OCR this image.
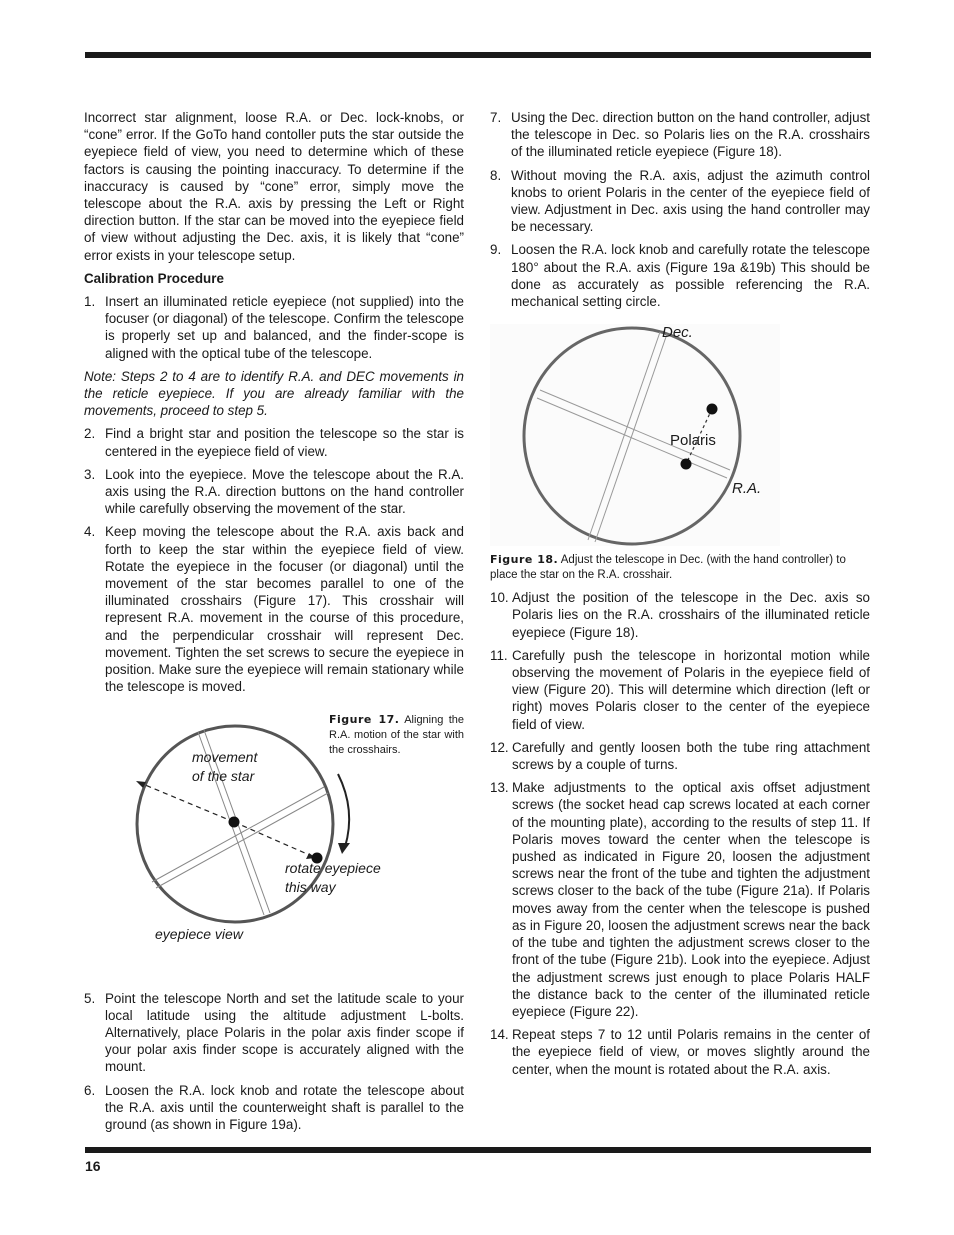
Incorrect star alignment, loose R.A. or Dec. lock-knobs, or “cone” error. If the GoTo hand contoller puts the star outside the eyepiece field of view, you need to determine which of these factors is causing the pointing inaccuracy. To determine if the inaccuracy is caused by “cone” error, simply move the telescope about the R.A. axis by pressing the Left or Right direction button. If the star can be moved into the eyepiece field of view without adjusting the Dec. axis, it is likely that “cone” error exists in your telescope setup.

Calibration Procedure

1. Insert an illuminated reticle eyepiece (not supplied) into the focuser (or diagonal) of the telescope. Confirm the telescope is properly set up and balanced, and the finder-scope is aligned with the optical tube of the telescope.

Note: Steps 2 to 4 are to identify R.A. and DEC movements in the reticle eyepiece. If you are already familiar with the movements, proceed to step 5.

2. Find a bright star and position the telescope so the star is centered in the eyepiece field of view.
3. Look into the eyepiece. Move the telescope about the R.A. axis using the R.A. direction buttons on the hand controller while carefully observing the movement of the star.
4. Keep moving the telescope about the R.A. axis back and forth to keep the star within the eyepiece field of view. Rotate the eyepiece in the focuser (or diagonal) until the movement of the star becomes parallel to one of the illuminated crosshairs (Figure 17). This crosshair will represent R.A. movement in the course of this procedure, and the perpendicular crosshair will represent Dec. movement. Tighten the set screws to secure the eyepiece in position. Make sure the eyepiece will remain stationary while the telescope is moved.
movement
of the star
rotate eyepiece
this way
eyepiece view
Figure 17. Aligning the R.A. motion of the star with the crosshairs.
5. Point the telescope North and set the latitude scale to your local latitude using the altitude adjustment L-bolts. Alternatively, place Polaris in the polar axis finder scope if your polar axis finder scope is accurately aligned with the mount.
6. Loosen the R.A. lock knob and rotate the telescope about the R.A. axis until the counterweight shaft is parallel to the ground (as shown in Figure 19a).
7. Using the Dec. direction button on the hand controller, adjust the telescope in Dec. so Polaris lies on the R.A. crosshairs of the illuminated reticle eyepiece (Figure 18).
8. Without moving the R.A. axis, adjust the azimuth control knobs to orient Polaris in the center of the eyepiece field of view. Adjustment in Dec. axis using the hand controller may be necessary.
9. Loosen the R.A. lock knob and carefully rotate the telescope 180° about the R.A. axis (Figure 19a &19b) This should be done as accurately as possible referencing the R.A. mechanical setting circle.
Dec.
Polaris
R.A.

Figure 18. Adjust the telescope in Dec. (with the hand controller) to place the star on the R.A. crosshair.

10. Adjust the position of the telescope in the Dec. axis so Polaris lies on the R.A. crosshairs of the illuminated reticle eyepiece (Figure 18).
11. Carefully push the telescope in horizontal motion while observing the movement of Polaris in the eyepiece field of view (Figure 20). This will determine which direction (left or right) moves Polaris closer to the center of the eyepiece field of view.
12. Carefully and gently loosen both the tube ring attachment screws by a couple of turns.
13. Make adjustments to the optical axis offset adjustment screws (the socket head cap screws located at each corner of the mounting plate), according to the results of step 11. If Polaris moves toward the center when the telescope is pushed as indicated in Figure 20, loosen the adjustment screws near the front of the tube and tighten the adjustment screws closer to the back of the tube (Figure 21a). If Polaris moves away from the center when the telescope is pushed as in Figure 20, loosen the adjustment screws near the back of the tube and tighten the adjustment screws closer to the front of the tube (Figure 21b). Look into the eyepiece. Adjust the adjustment screws just enough to place Polaris HALF the distance back to the center of the illuminated reticle eyepiece (Figure 22).
14. Repeat steps 7 to 12 until Polaris remains in the center of the eyepiece field of view, or moves slightly around the center, when the mount is rotated about the R.A. axis.
16
